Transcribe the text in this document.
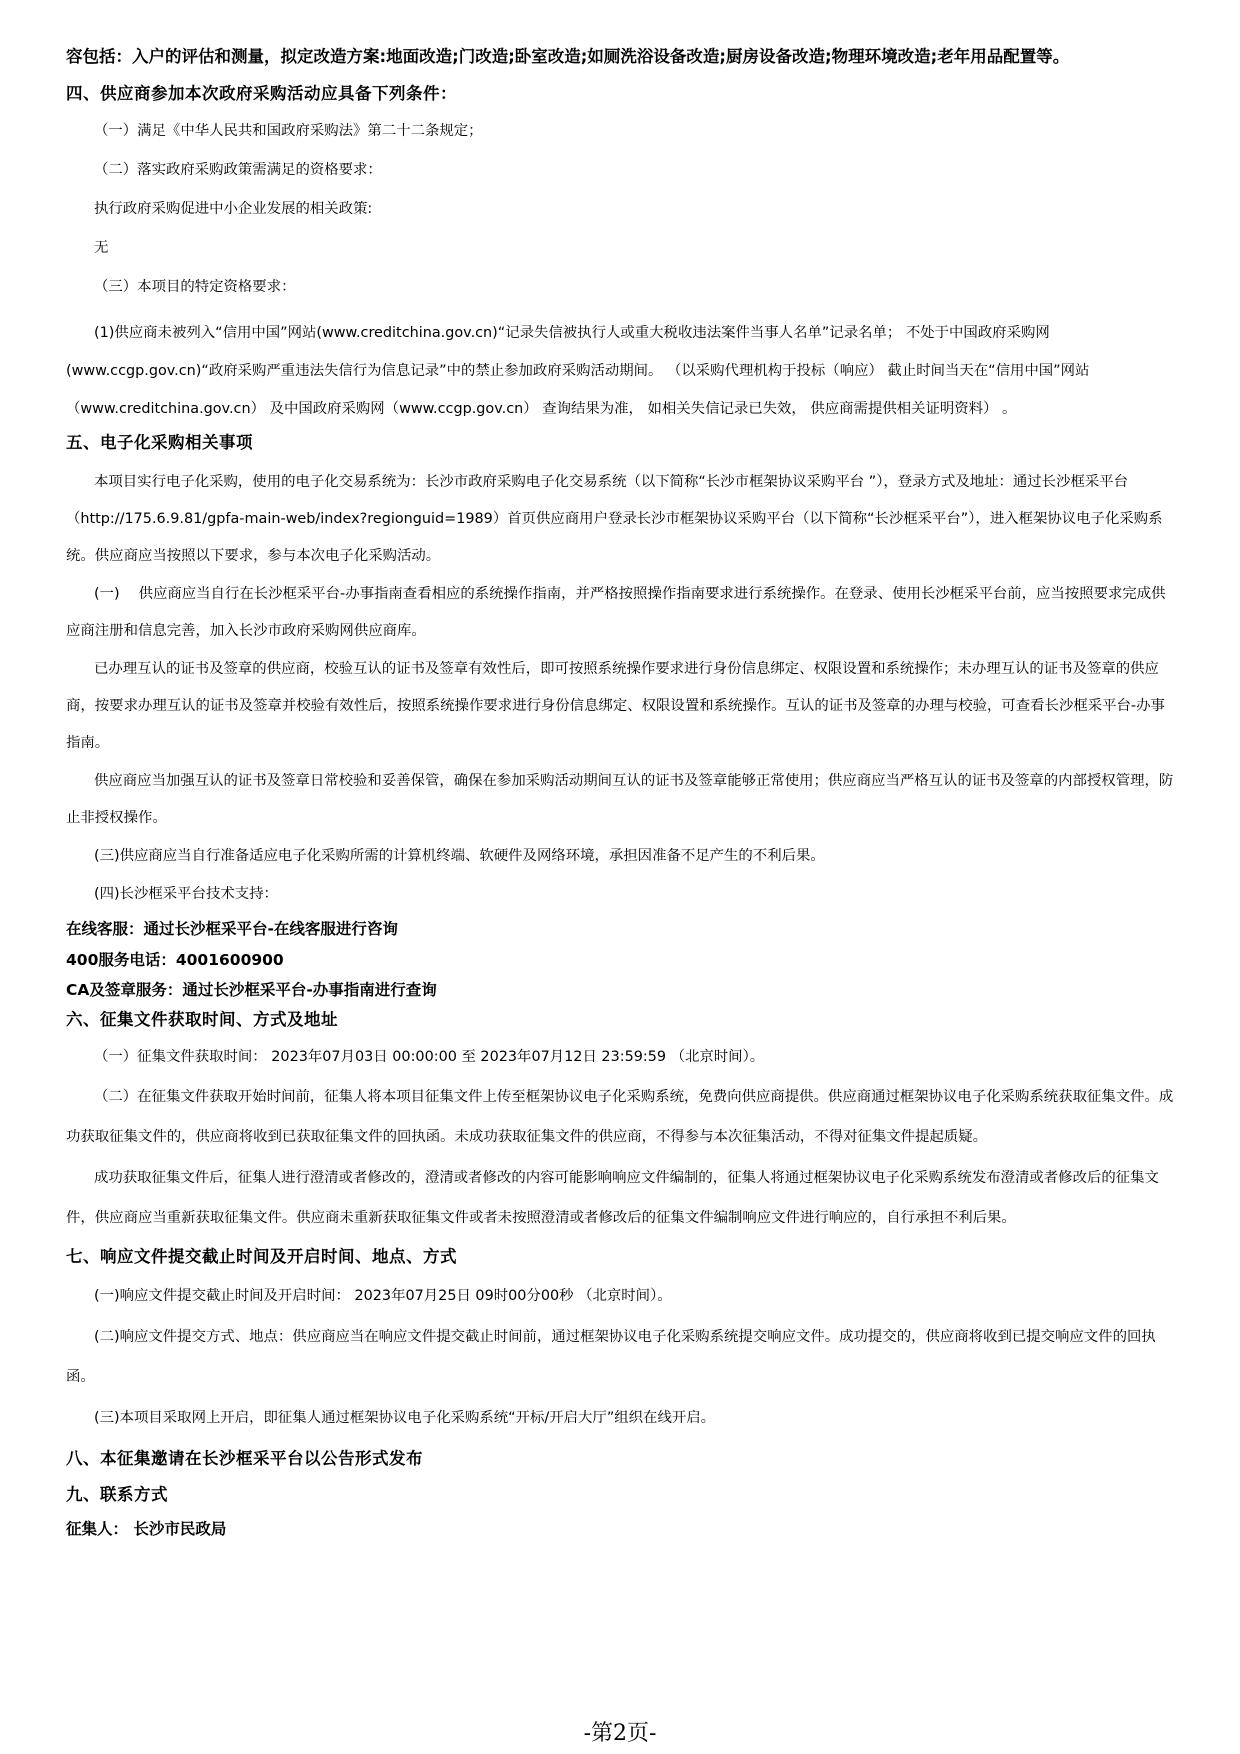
容包括：入户的评估和测量，拟定改造方案:地面改造;门改造;卧室改造;如厕洗浴设备改造;厨房设备改造;物理环境改造;老年用品配置等。

四、供应商参加本次政府采购活动应具备下列条件：

（一）满足《中华人民共和国政府采购法》第二十二条规定；

（二）落实政府采购政策需满足的资格要求：

执行政府采购促进中小企业发展的相关政策:

无

（三）本项目的特定资格要求：

(1)供应商未被列入“信用中国”网站(www.creditchina.gov.cn)“记录失信被执行人或重大税收违法案件当事人名单”记录名单； 不处于中国政府采购网(www.ccgp.gov.cn)“政府采购严重违法失信行为信息记录”中的禁止参加政府采购活动期间。 （以采购代理机构于投标（响应） 截止时间当天在“信用中国”网站（www.creditchina.gov.cn） 及中国政府采购网（www.ccgp.gov.cn） 查询结果为准， 如相关失信记录已失效， 供应商需提供相关证明资料） 。

五、电子化采购相关事项

本项目实行电子化采购，使用的电子化交易系统为：长沙市政府采购电子化交易系统（以下简称“长沙市框架协议采购平台 ”），登录方式及地址：通过长沙框采平台（http://175.6.9.81/gpfa-main-web/index?regionguid=1989）首页供应商用户登录长沙市框架协议采购平台（以下简称“长沙框采平台”），进入框架协议电子化采购系统。供应商应当按照以下要求，参与本次电子化采购活动。

(一)　 供应商应当自行在长沙框采平台-办事指南查看相应的系统操作指南，并严格按照操作指南要求进行系统操作。在登录、使用长沙框采平台前，应当按照要求完成供应商注册和信息完善，加入长沙市政府采购网供应商库。

已办理互认的证书及签章的供应商，校验互认的证书及签章有效性后，即可按照系统操作要求进行身份信息绑定、权限设置和系统操作；未办理互认的证书及签章的供应商，按要求办理互认的证书及签章并校验有效性后，按照系统操作要求进行身份信息绑定、权限设置和系统操作。互认的证书及签章的办理与校验，可查看长沙框采平台-办事指南。

供应商应当加强互认的证书及签章日常校验和妥善保管，确保在参加采购活动期间互认的证书及签章能够正常使用；供应商应当严格互认的证书及签章的内部授权管理，防止非授权操作。

(三)供应商应当自行准备适应电子化采购所需的计算机终端、软硬件及网络环境，承担因准备不足产生的不利后果。

(四)长沙框采平台技术支持：

在线客服：通过长沙框采平台-在线客服进行咨询

400服务电话：4001600900

CA及签章服务：通过长沙框采平台-办事指南进行查询

六、征集文件获取时间、方式及地址

（一）征集文件获取时间： 2023年07月03日 00:00:00 至 2023年07月12日 23:59:59 （北京时间）。

（二）在征集文件获取开始时间前，征集人将本项目征集文件上传至框架协议电子化采购系统，免费向供应商提供。供应商通过框架协议电子化采购系统获取征集文件。成功获取征集文件的，供应商将收到已获取征集文件的回执函。未成功获取征集文件的供应商，不得参与本次征集活动，不得对征集文件提起质疑。

成功获取征集文件后，征集人进行澄清或者修改的，澄清或者修改的内容可能影响响应文件编制的，征集人将通过框架协议电子化采购系统发布澄清或者修改后的征集文件，供应商应当重新获取征集文件。供应商未重新获取征集文件或者未按照澄清或者修改后的征集文件编制响应文件进行响应的，自行承担不利后果。

七、响应文件提交截止时间及开启时间、地点、方式

(一)响应文件提交截止时间及开启时间： 2023年07月25日 09时00分00秒 （北京时间）。

(二)响应文件提交方式、地点：供应商应当在响应文件提交截止时间前，通过框架协议电子化采购系统提交响应文件。成功提交的，供应商将收到已提交响应文件的回执函。

(三)本项目采取网上开启，即征集人通过框架协议电子化采购系统“开标/开启大厅”组织在线开启。

八、本征集邀请在长沙框采平台以公告形式发布

九、联系方式

征集人： 长沙市民政局

-第2页-
